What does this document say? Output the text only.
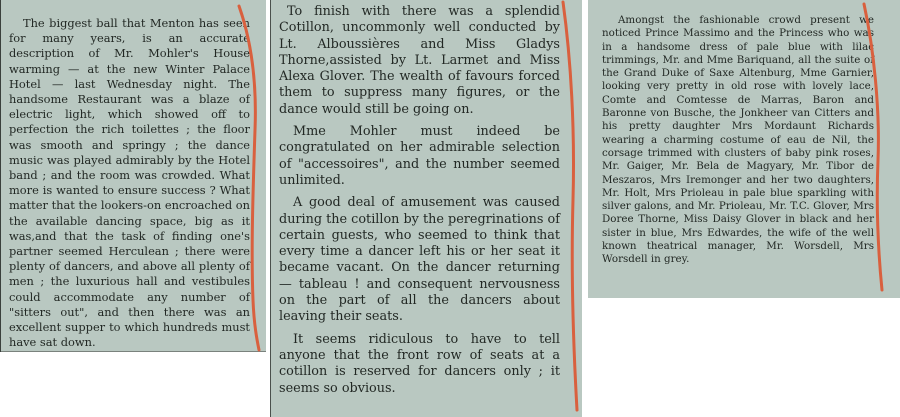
The biggest ball that Menton has seen for many years, is an accurate description of Mr. Mohler's House warming — at the new Winter Palace Hotel — last Wednesday night. The handsome Restaurant was a blaze of electric light, which showed off to perfection the rich toilettes ; the floor was smooth and springy ; the dance music was played admirably by the Hotel band ; and the room was crowded. What more is wanted to ensure success ? What matter that the lookers-on encroached on the available dancing space, big as it was,and that the task of finding one's partner seemed Herculean ; there were plenty of dancers, and above all plenty of men ; the luxurious hall and vestibules could accommodate any number of "sitters out", and then there was an excellent supper to which hundreds must have sat down.

To finish with there was a splendid Cotillon, uncommonly well conducted by Lt. Alboussières and Miss Gladys Thorne,assisted by Lt. Larmet and Miss Alexa Glover. The wealth of favours forced them to suppress many figures, or the dance would still be going on.

Mme Mohler must indeed be congratulated on her admirable selection of "accessoires", and the number seemed unlimited.

A good deal of amusement was caused during the cotillon by the peregrinations of certain guests, who seemed to think that every time a dancer left his or her seat it became vacant. On the dancer returning — tableau ! and consequent nervousness on the part of all the dancers about leaving their seats.

It seems ridiculous to have to tell anyone that the front row of seats at a cotillon is reserved for dancers only ; it seems so obvious.

Amongst the fashionable crowd present we noticed Prince Massimo and the Princess who was in a handsome dress of pale blue with lilac trimmings, Mr. and Mme Bariquand, all the suite of the Grand Duke of Saxe Altenburg, Mme Garnier, looking very pretty in old rose with lovely lace, Comte and Comtesse de Marras, Baron and Baronne von Busche, the Jonkheer van Citters and his pretty daughter Mrs Mordaunt Richards wearing a charming costume of eau de Nil, the corsage trimmed with clusters of baby pink roses, Mr. Gaiger, Mr. Bela de Magyary, Mr. Tibor de Meszaros, Mrs Iremonger and her two daughters, Mr. Holt, Mrs Prioleau in pale blue sparkling with silver galons, and Mr. Prioleau, Mr. T.C. Glover, Mrs Doree Thorne, Miss Daisy Glover in black and her sister in blue, Mrs Edwardes, the wife of the well known theatrical manager, Mr. Worsdell, Mrs Worsdell in grey.
